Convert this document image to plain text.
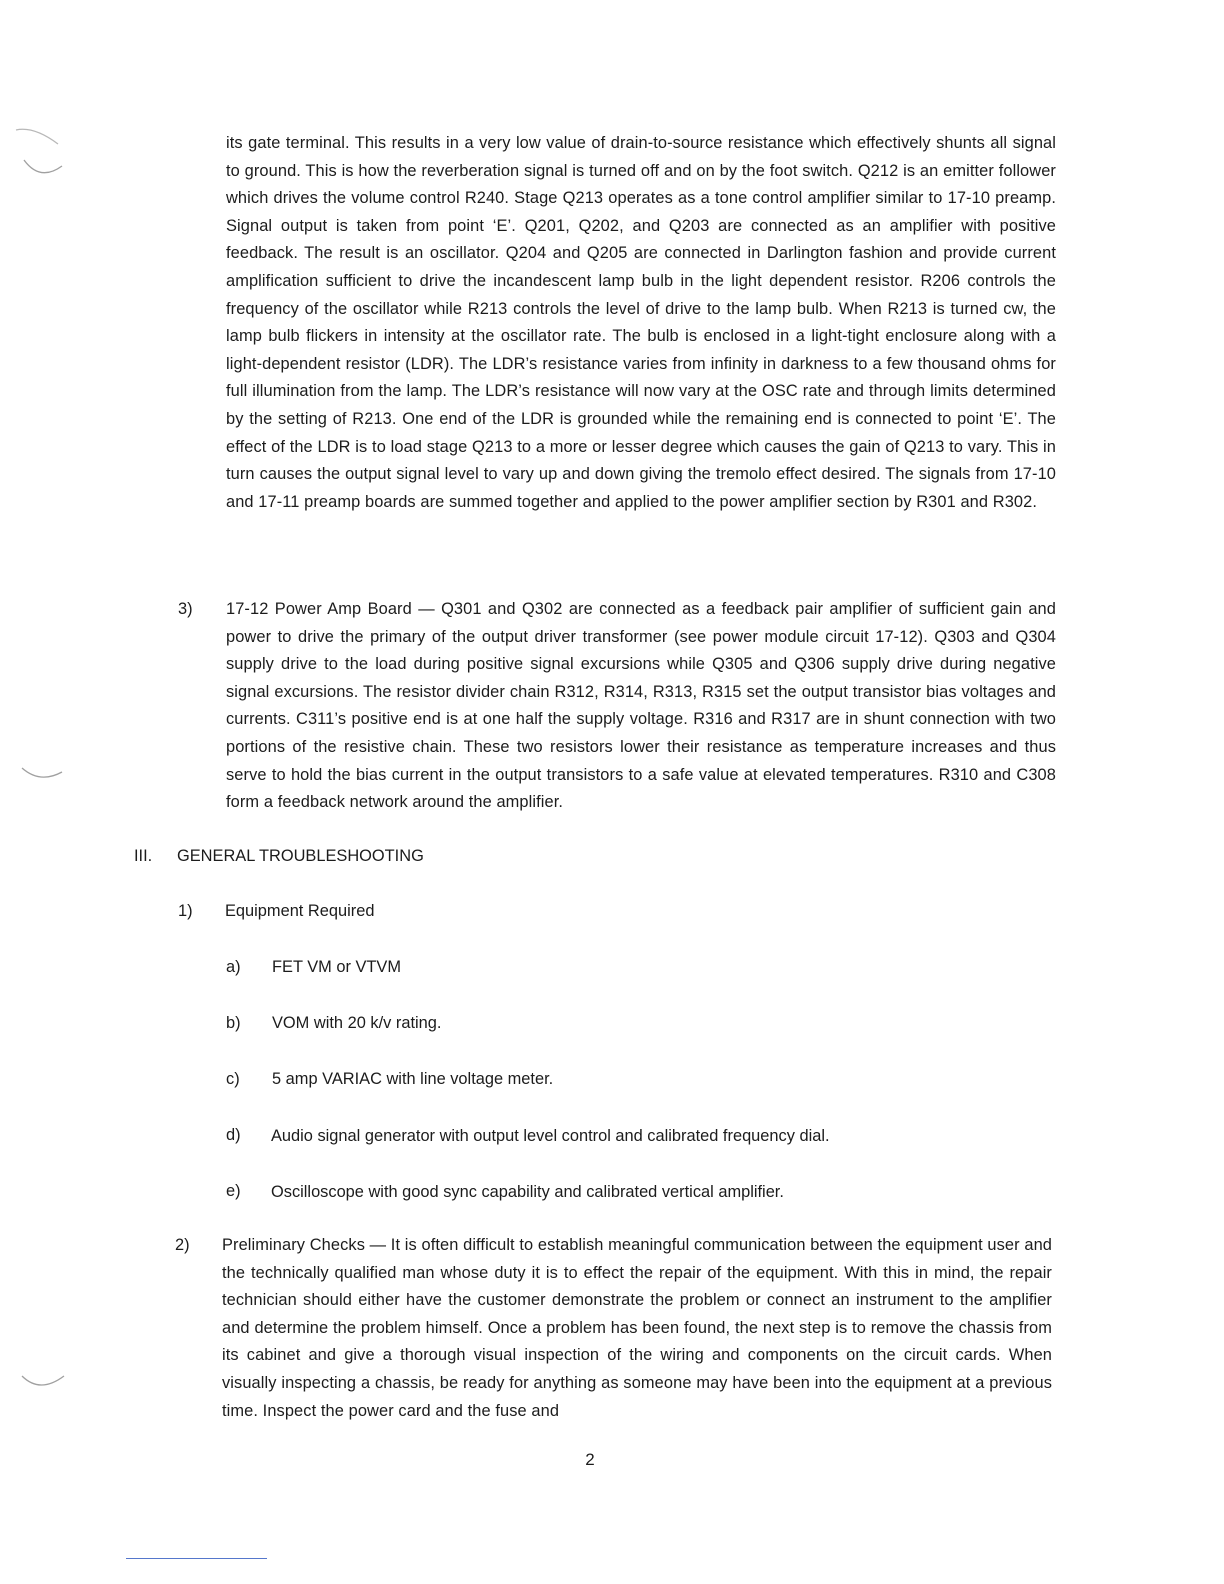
its gate terminal. This results in a very low value of drain-to-source resistance which effectively shunts all signal to ground. This is how the reverberation signal is turned off and on by the foot switch. Q212 is an emitter follower which drives the volume control R240. Stage Q213 operates as a tone control amplifier similar to 17-10 preamp. Signal output is taken from point ‘E’. Q201, Q202, and Q203 are connected as an amplifier with positive feedback. The result is an oscillator. Q204 and Q205 are connected in Darlington fashion and provide current amplification sufficient to drive the incandescent lamp bulb in the light dependent resistor. R206 controls the frequency of the oscillator while R213 controls the level of drive to the lamp bulb. When R213 is turned cw, the lamp bulb flickers in intensity at the oscillator rate. The bulb is enclosed in a light-tight enclosure along with a light-dependent resistor (LDR). The LDR’s resistance varies from infinity in darkness to a few thousand ohms for full illumination from the lamp. The LDR’s resistance will now vary at the OSC rate and through limits determined by the setting of R213. One end of the LDR is grounded while the remaining end is connected to point ‘E’. The effect of the LDR is to load stage Q213 to a more or lesser degree which causes the gain of Q213 to vary. This in turn causes the output signal level to vary up and down giving the tremolo effect desired. The signals from 17-10 and 17-11 preamp boards are summed together and applied to the power amplifier section by R301 and R302.

3) 17-12 Power Amp Board — Q301 and Q302 are connected as a feedback pair amplifier of sufficient gain and power to drive the primary of the output driver transformer (see power module circuit 17-12). Q303 and Q304 supply drive to the load during positive signal excursions while Q305 and Q306 supply drive during negative signal excursions. The resistor divider chain R312, R314, R313, R315 set the output transistor bias voltages and currents. C311’s positive end is at one half the supply voltage. R316 and R317 are in shunt connection with two portions of the resistive chain. These two resistors lower their resistance as temperature increases and thus serve to hold the bias current in the output transistors to a safe value at elevated temperatures. R310 and C308 form a feedback network around the amplifier.

III. GENERAL TROUBLESHOOTING
1) Equipment Required
a) FET VM or VTVM
b) VOM with 20 k/v rating.
c) 5 amp VARIAC with line voltage meter.
d) Audio signal generator with output level control and calibrated frequency dial.
e) Oscilloscope with good sync capability and calibrated vertical amplifier.
2) Preliminary Checks — It is often difficult to establish meaningful communication between the equipment user and the technically qualified man whose duty it is to effect the repair of the equipment. With this in mind, the repair technician should either have the customer demonstrate the problem or connect an instrument to the amplifier and determine the problem himself. Once a problem has been found, the next step is to remove the chassis from its cabinet and give a thorough visual inspection of the wiring and components on the circuit cards. When visually inspecting a chassis, be ready for anything as someone may have been into the equipment at a previous time. Inspect the power card and the fuse and

2
